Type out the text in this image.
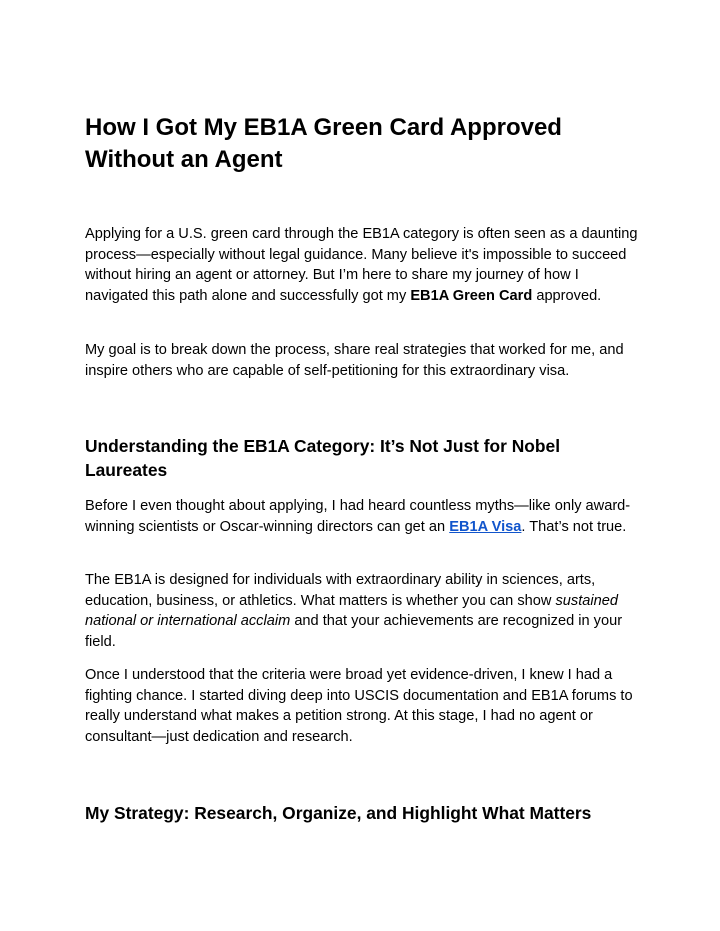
How I Got My EB1A Green Card Approved Without an Agent

Applying for a U.S. green card through the EB1A category is often seen as a daunting process—especially without legal guidance. Many believe it's impossible to succeed without hiring an agent or attorney. But I’m here to share my journey of how I navigated this path alone and successfully got my EB1A Green Card approved.

My goal is to break down the process, share real strategies that worked for me, and inspire others who are capable of self-petitioning for this extraordinary visa.

Understanding the EB1A Category: It’s Not Just for Nobel Laureates

Before I even thought about applying, I had heard countless myths—like only award-winning scientists or Oscar-winning directors can get an EB1A Visa. That’s not true.

The EB1A is designed for individuals with extraordinary ability in sciences, arts, education, business, or athletics. What matters is whether you can show sustained national or international acclaim and that your achievements are recognized in your field.

Once I understood that the criteria were broad yet evidence-driven, I knew I had a fighting chance. I started diving deep into USCIS documentation and EB1A forums to really understand what makes a petition strong. At this stage, I had no agent or consultant—just dedication and research.

My Strategy: Research, Organize, and Highlight What Matters
